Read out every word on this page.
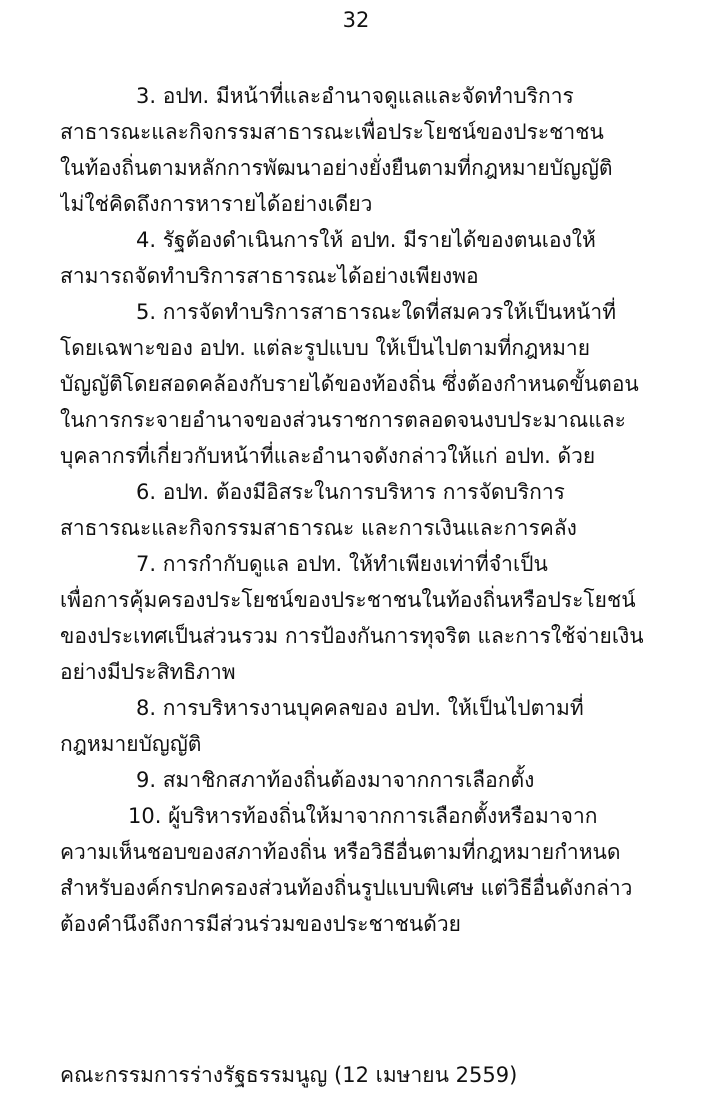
32
3. อปท. มีหน้าที่และอำนาจดูแลและจัดทำบริการ
สาธารณะและกิจกรรมสาธารณะเพื่อประโยชน์ของประชาชน
ในท้องถิ่นตามหลักการพัฒนาอย่างยั่งยืนตามที่กฎหมายบัญญัติ
ไม่ใช่คิดถึงการหารายได้อย่างเดียว
4. รัฐต้องดำเนินการให้ อปท. มีรายได้ของตนเองให้
สามารถจัดทำบริการสาธารณะได้อย่างเพียงพอ
5. การจัดทำบริการสาธารณะใดที่สมควรให้เป็นหน้าที่
โดยเฉพาะของ อปท. แต่ละรูปแบบ ให้เป็นไปตามที่กฎหมาย
บัญญัติโดยสอดคล้องกับรายได้ของท้องถิ่น ซึ่งต้องกำหนดขั้นตอน
ในการกระจายอำนาจของส่วนราชการตลอดจนงบประมาณและ
บุคลากรที่เกี่ยวกับหน้าที่และอำนาจดังกล่าวให้แก่ อปท. ด้วย
6. อปท. ต้องมีอิสระในการบริหาร การจัดบริการ
สาธารณะและกิจกรรมสาธารณะ และการเงินและการคลัง
7. การกำกับดูแล อปท. ให้ทำเพียงเท่าที่จำเป็น
เพื่อการคุ้มครองประโยชน์ของประชาชนในท้องถิ่นหรือประโยชน์
ของประเทศเป็นส่วนรวม การป้องกันการทุจริต และการใช้จ่ายเงิน
อย่างมีประสิทธิภาพ
8. การบริหารงานบุคคลของ อปท. ให้เป็นไปตามที่
กฎหมายบัญญัติ
9. สมาชิกสภาท้องถิ่นต้องมาจากการเลือกตั้ง
10. ผู้บริหารท้องถิ่นให้มาจากการเลือกตั้งหรือมาจาก
ความเห็นชอบของสภาท้องถิ่น หรือวิธีอื่นตามที่กฎหมายกำหนด
สำหรับองค์กรปกครองส่วนท้องถิ่นรูปแบบพิเศษ แต่วิธีอื่นดังกล่าว
ต้องคำนึงถึงการมีส่วนร่วมของประชาชนด้วย
คณะกรรมการร่างรัฐธรรมนูญ (12 เมษายน 2559)
